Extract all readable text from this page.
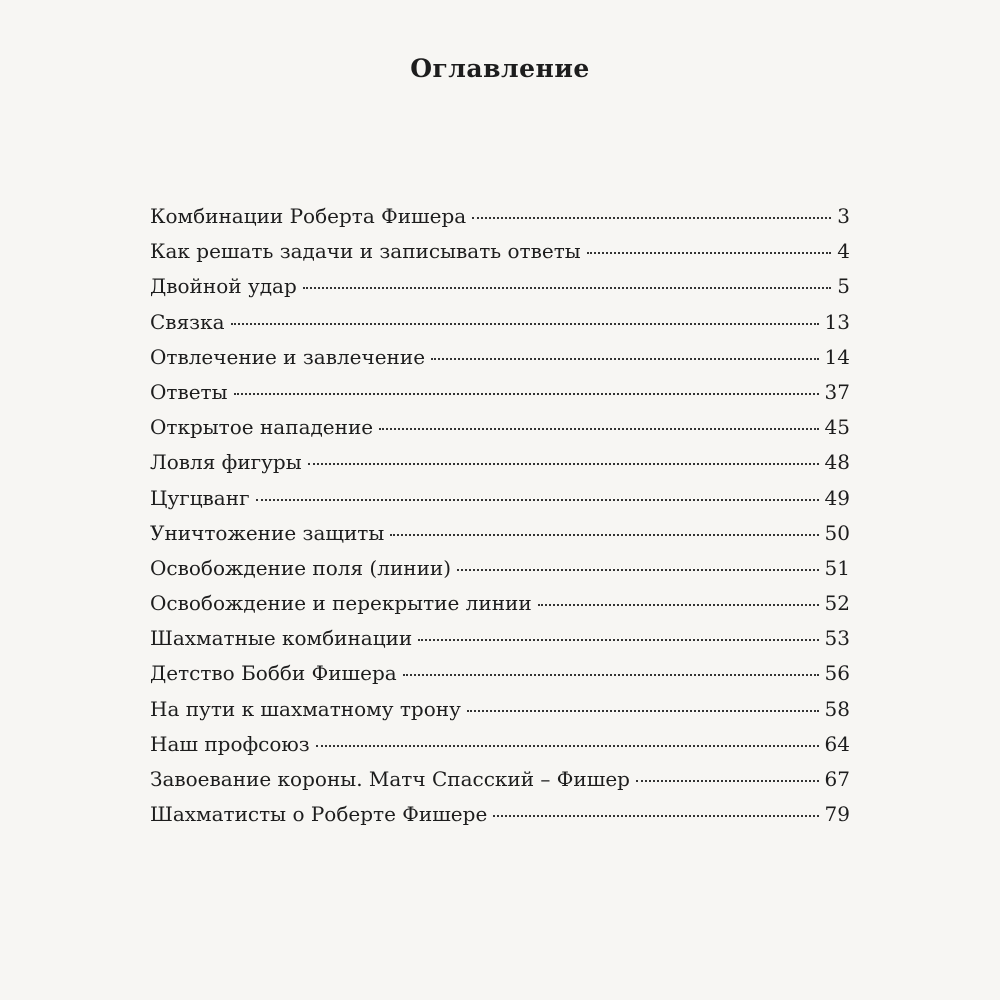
Оглавление
Комбинации Роберта Фишера	3
Как решать задачи и записывать ответы	4
Двойной удар	5
Связка	13
Отвлечение и завлечение	14
Ответы	37
Открытое нападение	45
Ловля фигуры	48
Цугцванг	49
Уничтожение защиты	50
Освобождение поля (линии)	51
Освобождение и перекрытие линии	52
Шахматные комбинации	53
Детство Бобби Фишера	56
На пути к шахматному трону	58
Наш профсоюз	64
Завоевание короны. Матч Спасский – Фишер	67
Шахматисты о Роберте Фишере	79
